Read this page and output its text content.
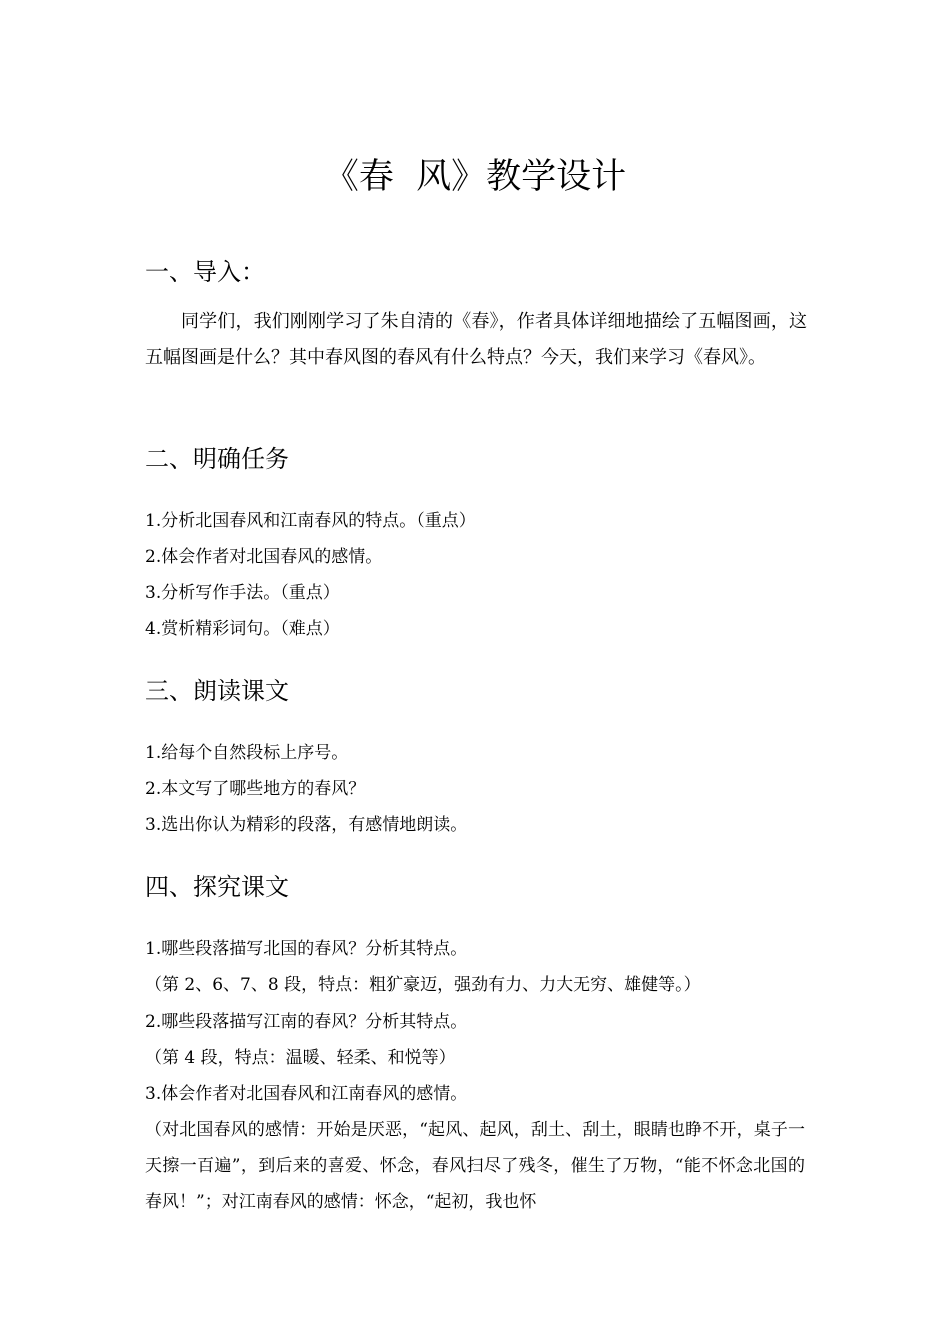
《春  风》教学设计
一、导入：

同学们，我们刚刚学习了朱自清的《春》，作者具体详细地描绘了五幅图画，这五幅图画是什么？其中春风图的春风有什么特点？今天，我们来学习《春风》。

二、明确任务
1.分析北国春风和江南春风的特点。（重点）
2.体会作者对北国春风的感情。
3.分析写作手法。（重点）
4.赏析精彩词句。（难点）
三、朗读课文
1.给每个自然段标上序号。
2.本文写了哪些地方的春风？
3.选出你认为精彩的段落，有感情地朗读。
四、探究课文
1.哪些段落描写北国的春风？分析其特点。
（第 2、6、7、8 段，特点：粗犷豪迈，强劲有力、力大无穷、雄健等。）
2.哪些段落描写江南的春风？分析其特点。
（第 4 段，特点：温暖、轻柔、和悦等）
3.体会作者对北国春风和江南春风的感情。

（对北国春风的感情：开始是厌恶，“起风、起风，刮土、刮土，眼睛也睁不开，桌子一天擦一百遍”，到后来的喜爱、怀念，春风扫尽了残冬，催生了万物，“能不怀念北国的春风！”；对江南春风的感情：怀念，“起初，我也怀
